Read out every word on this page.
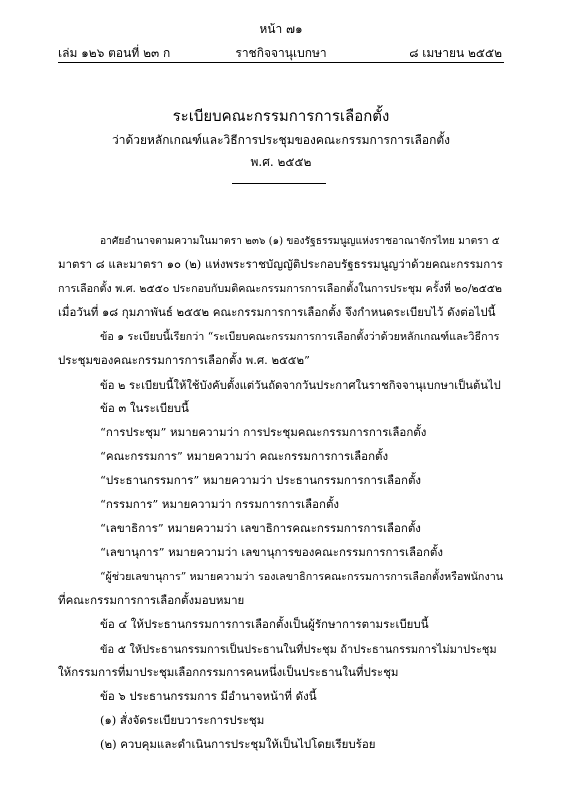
หน้า ๗๑
เล่ม ๑๒๖ ตอนที่ ๒๓ ก	ราชกิจจานุเบกษา	๘ เมษายน ๒๕๕๒
ระเบียบคณะกรรมการการเลือกตั้ง
ว่าด้วยหลักเกณฑ์และวิธีการประชุมของคณะกรรมการการเลือกตั้ง
พ.ศ. ๒๕๕๒
อาศัยอำนาจตามความในมาตรา ๒๓๖ (๑) ของรัฐธรรมนูญแห่งราชอาณาจักรไทย มาตรา ๕
มาตรา ๘ และมาตรา ๑๐ (๒) แห่งพระราชบัญญัติประกอบรัฐธรรมนูญว่าด้วยคณะกรรมการ
การเลือกตั้ง พ.ศ. ๒๕๕๐ ประกอบกับมติคณะกรรมการการเลือกตั้งในการประชุม ครั้งที่ ๒๐/๒๕๕๒
เมื่อวันที่ ๑๘ กุมภาพันธ์ ๒๕๕๒ คณะกรรมการการเลือกตั้ง จึงกำหนดระเบียบไว้ ดังต่อไปนี้
ข้อ ๑ ระเบียบนี้เรียกว่า “ระเบียบคณะกรรมการการเลือกตั้งว่าด้วยหลักเกณฑ์และวิธีการ
ประชุมของคณะกรรมการการเลือกตั้ง พ.ศ. ๒๕๕๒”
ข้อ ๒ ระเบียบนี้ให้ใช้บังคับตั้งแต่วันถัดจากวันประกาศในราชกิจจานุเบกษาเป็นต้นไป
ข้อ ๓ ในระเบียบนี้
“การประชุม” หมายความว่า การประชุมคณะกรรมการการเลือกตั้ง
“คณะกรรมการ” หมายความว่า คณะกรรมการการเลือกตั้ง
“ประธานกรรมการ” หมายความว่า ประธานกรรมการการเลือกตั้ง
“กรรมการ” หมายความว่า กรรมการการเลือกตั้ง
“เลขาธิการ” หมายความว่า เลขาธิการคณะกรรมการการเลือกตั้ง
“เลขานุการ” หมายความว่า เลขานุการของคณะกรรมการการเลือกตั้ง
“ผู้ช่วยเลขานุการ” หมายความว่า รองเลขาธิการคณะกรรมการการเลือกตั้งหรือพนักงาน
ที่คณะกรรมการการเลือกตั้งมอบหมาย
ข้อ ๔ ให้ประธานกรรมการการเลือกตั้งเป็นผู้รักษาการตามระเบียบนี้
ข้อ ๕ ให้ประธานกรรมการเป็นประธานในที่ประชุม ถ้าประธานกรรมการไม่มาประชุม
ให้กรรมการที่มาประชุมเลือกกรรมการคนหนึ่งเป็นประธานในที่ประชุม
ข้อ ๖ ประธานกรรมการ มีอำนาจหน้าที่ ดังนี้
(๑) สั่งจัดระเบียบวาระการประชุม
(๒) ควบคุมและดำเนินการประชุมให้เป็นไปโดยเรียบร้อย
